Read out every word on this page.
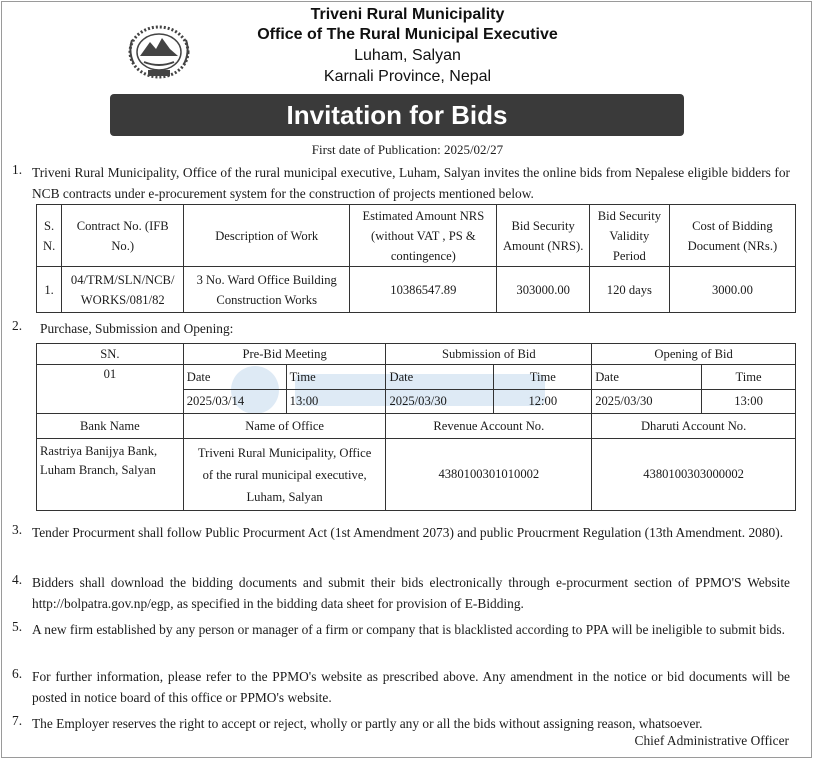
Triveni Rural Municipality
Office of The Rural Municipal Executive
Luham, Salyan
Karnali Province, Nepal
Invitation for Bids
First date of Publication: 2025/02/27
1. Triveni Rural Municipality, Office of the rural municipal executive, Luham, Salyan invites the online bids from Nepalese eligible bidders for NCB contracts under e-procurement system for the construction of projects mentioned below.
S. N.	Contract No. (IFB No.)	Description of Work	Estimated Amount NRS (without VAT , PS & contingence)	Bid Security Amount (NRS).	Bid Security Validity Period	Cost of Bidding Document (NRs.)
1.	04/TRM/SLN/NCB/ WORKS/081/82	3 No. Ward Office Building Construction Works	10386547.89	303000.00	120 days	3000.00
2. Purchase, Submission and Opening:
SN.	Pre-Bid Meeting		Submission of Bid		Opening of Bid	
01	Date	Time	Date	Time	Date	Time
	2025/03/14	13:00	2025/03/30	12:00	2025/03/30	13:00
Bank Name	Name of Office		Revenue Account No.		Dharuti Account No.	
Rastriya Banijya Bank, Luham Branch, Salyan	Triveni Rural Municipality, Office of the rural municipal executive, Luham, Salyan		4380100301010002		4380100303000002	
3. Tender Procurment shall follow Public Procurment Act (1st Amendment 2073) and public Proucrment Regulation (13th Amendment. 2080).
4. Bidders shall download the bidding documents and submit their bids electronically through e-procurment section of PPMO'S Website http://bolpatra.gov.np/egp, as specified in the bidding data sheet for provision of E-Bidding.
5. A new firm established by any person or manager of a firm or company that is blacklisted according to PPA will be ineligible to submit bids.
6. For further information, please refer to the PPMO's website as prescribed above. Any amendment in the notice or bid documents will be posted in notice board of this office or PPMO's website.
7. The Employer reserves the right to accept or reject, wholly or partly any or all the bids without assigning reason, whatsoever.
Chief Administrative Officer
